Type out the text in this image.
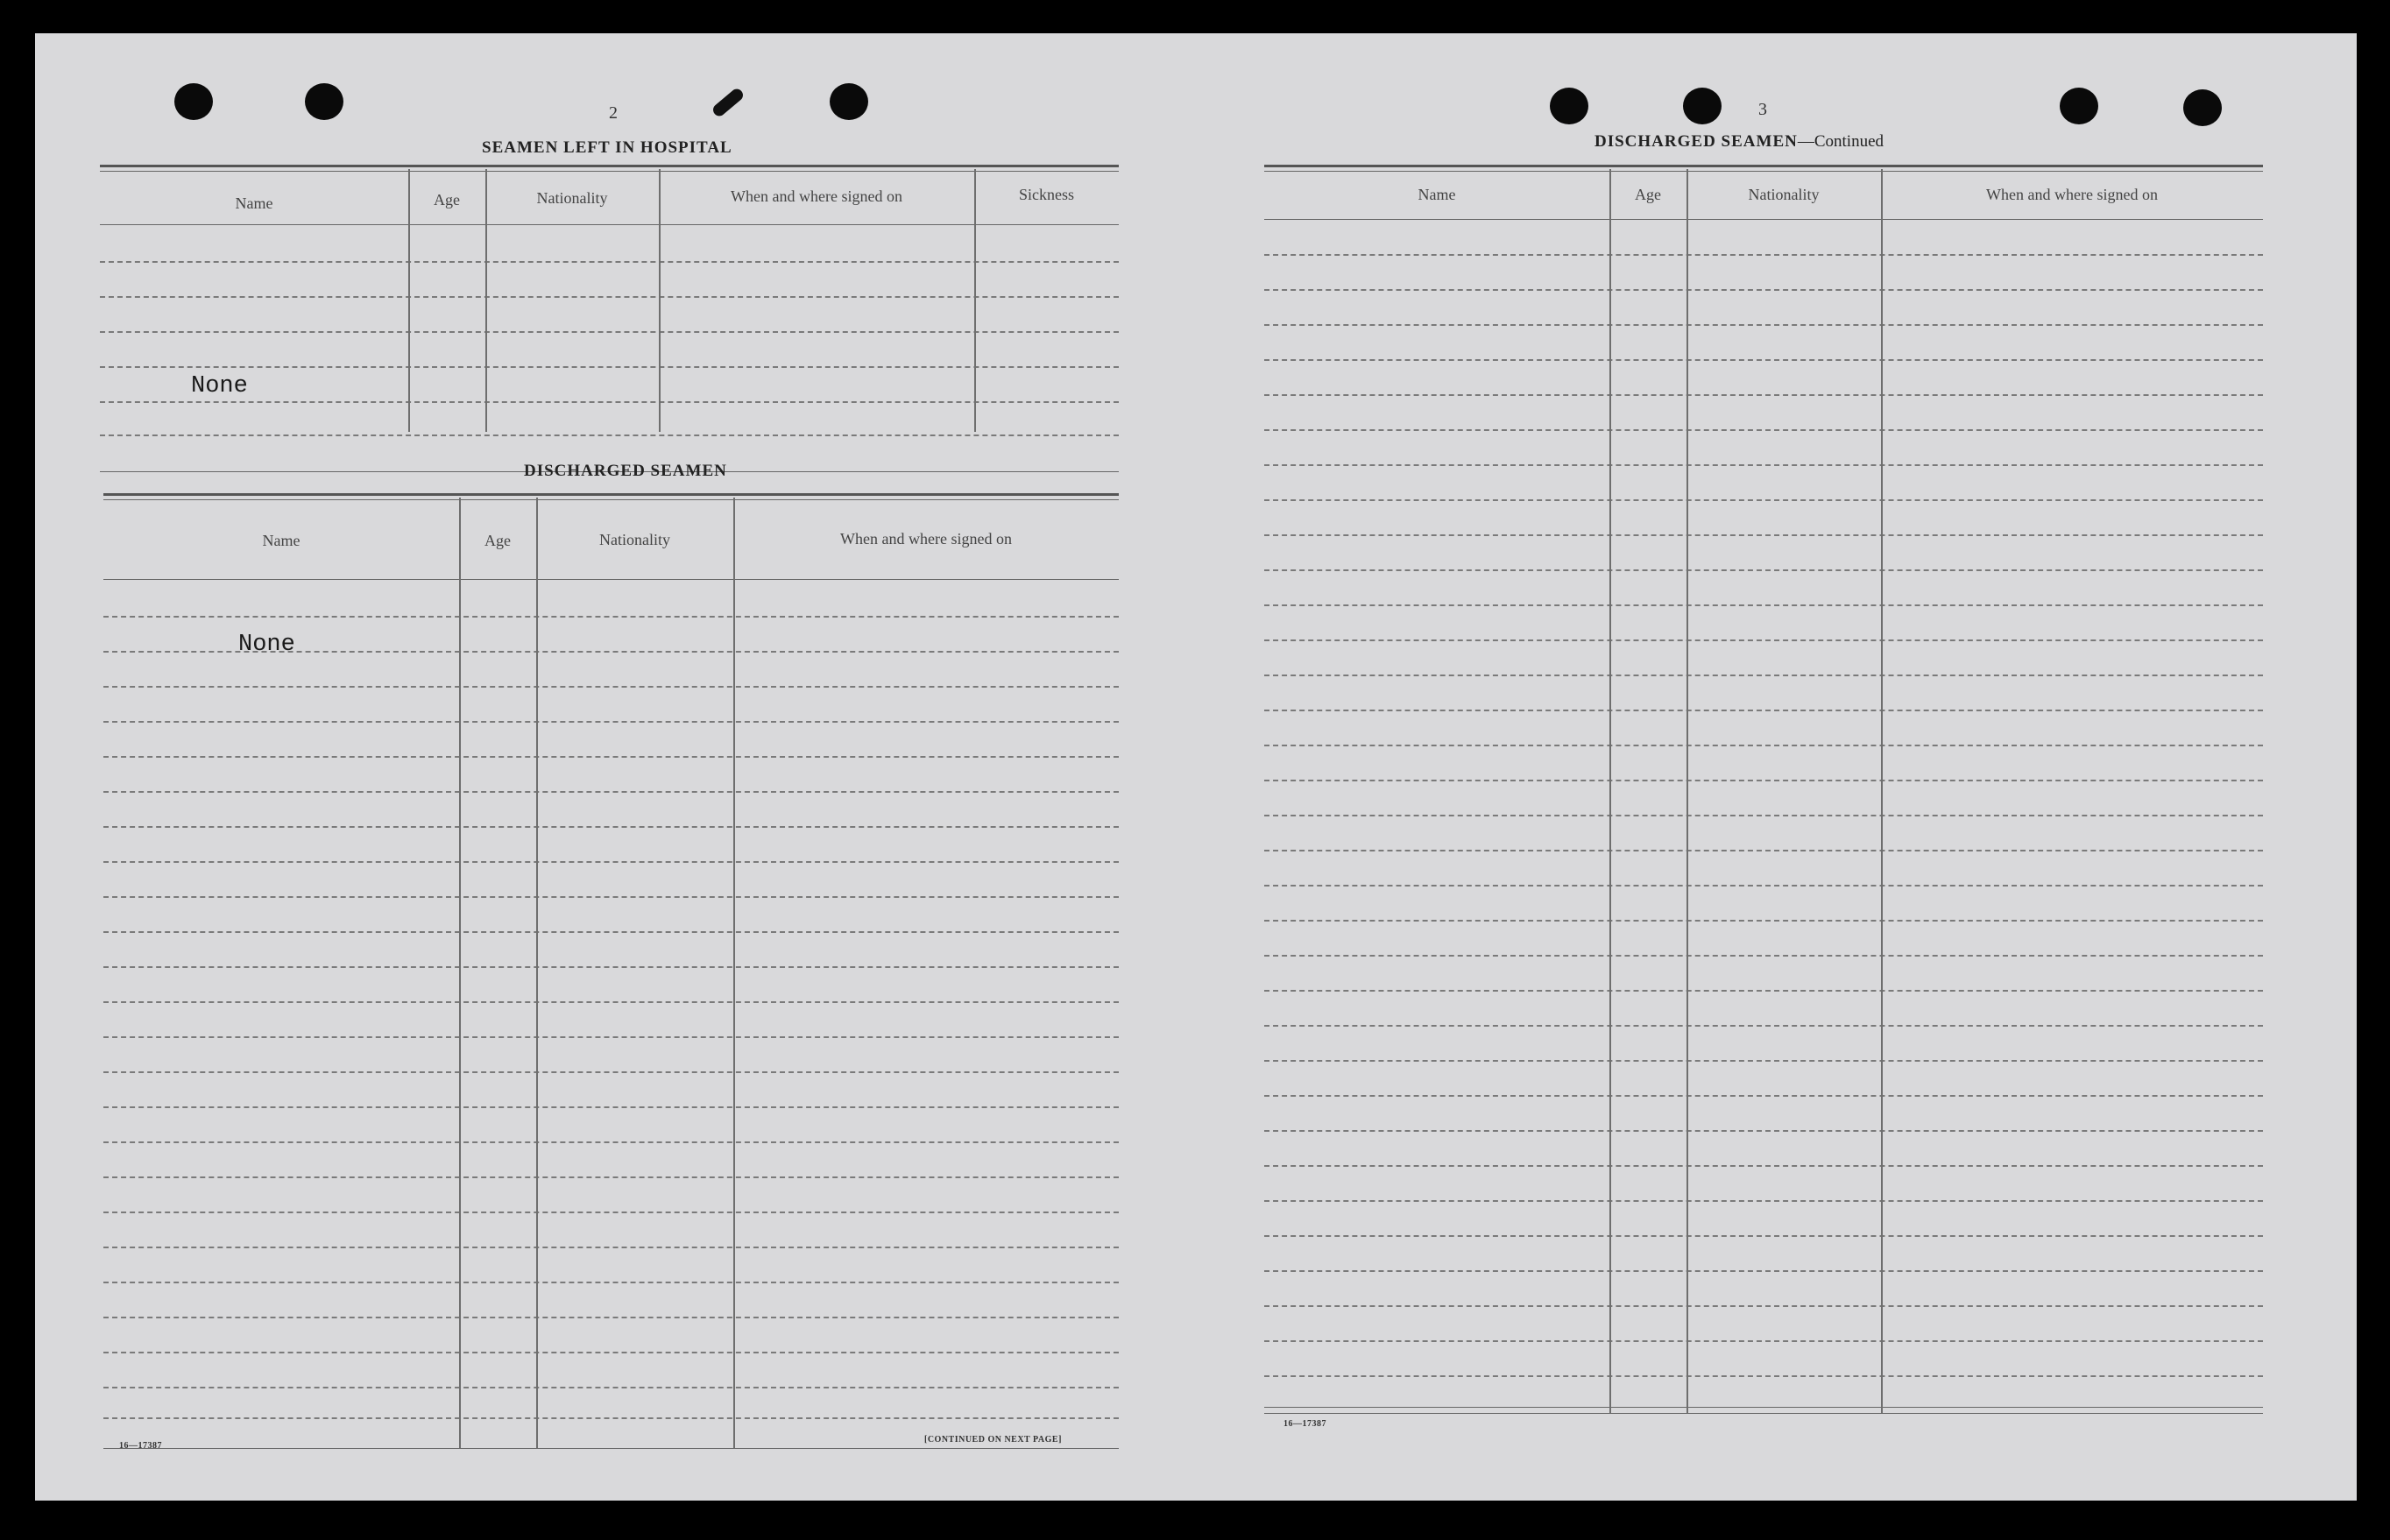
2
SEAMEN LEFT IN HOSPITAL
Name	Age	Nationality	When and where signed on	Sickness
None
DISCHARGED SEAMEN
Name	Age	Nationality	When and where signed on
None
16—17387
[CONTINUED ON NEXT PAGE]
3
DISCHARGED SEAMEN—Continued
Name	Age	Nationality	When and where signed on
16—17387
